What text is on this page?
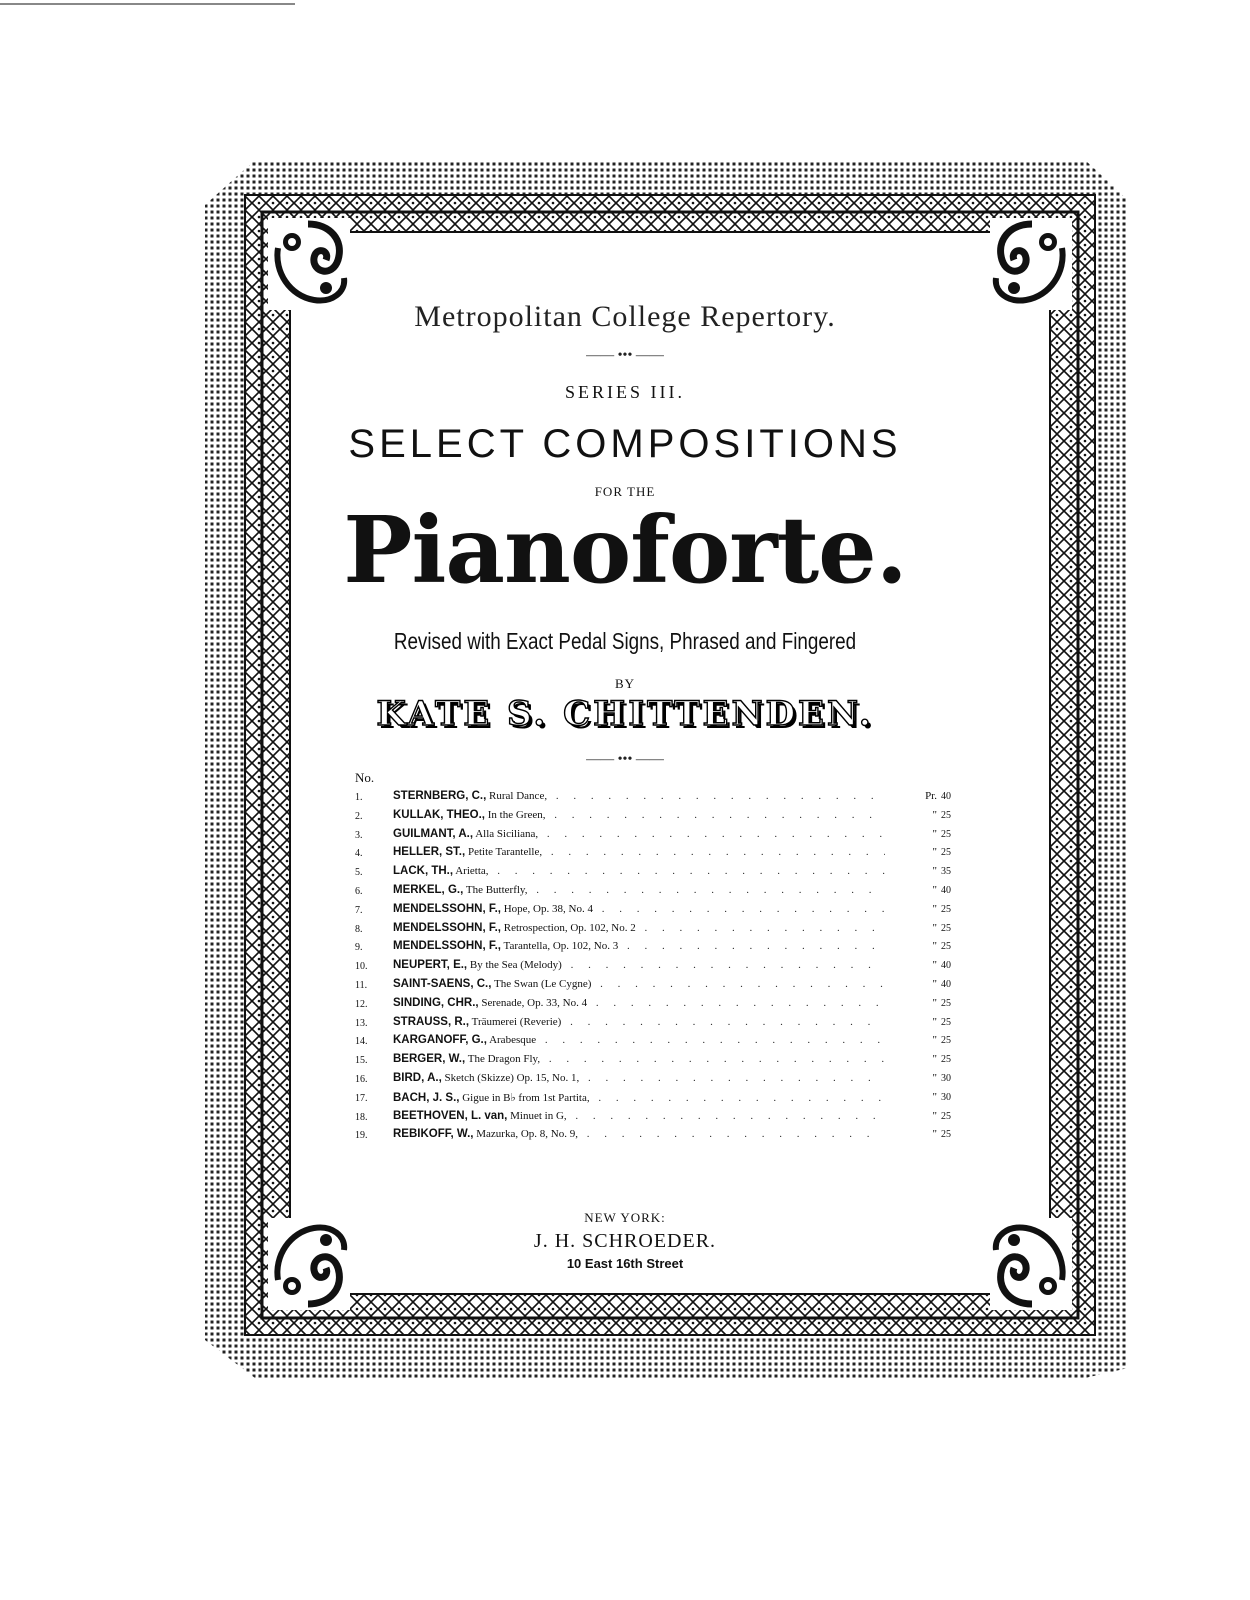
Metropolitan College Repertory.
—— ••• ——
SERIES III.
SELECT COMPOSITIONS
FOR THE
Pianoforte.
Revised with Exact Pedal Signs, Phrased and Fingered
BY
KATE S. CHITTENDEN.
—— ••• ——
No.
1.	STERNBERG, C., Rural Dance, . .	Pr. 40
2.	KULLAK, THEO., In the Green, . .	" 25
3.	GUILMANT, A., Alla Siciliana, . .	" 25
4.	HELLER, ST., Petite Tarantelle, . .	" 25
5.	LACK, TH., Arietta, . .	" 35
6.	MERKEL, G., The Butterfly, . .	" 40
7.	MENDELSSOHN, F., Hope, Op. 38, No. 4 . .	" 25
8.	MENDELSSOHN, F., Retrospection, Op. 102, No. 2 . .	" 25
9.	MENDELSSOHN, F., Tarantella, Op. 102, No. 3 . .	" 25
10.	NEUPERT, E., By the Sea (Melody) . .	" 40
11.	SAINT-SAËNS, C., The Swan (Le Cygne) . .	" 40
12.	SINDING, CHR., Serenade, Op. 33, No. 4 . .	" 25
13.	STRAUSS, R., Träumerei (Reverie) . .	" 25
14.	KARGANOFF, G., Arabesque . .	" 25
15.	BERGER, W., The Dragon Fly, . .	" 25
16.	BIRD, A., Sketch (Skizze) Op. 15, No. 1, . .	" 30
17.	BACH, J. S., Gigue in B♭ from 1st Partita, . .	" 30
18.	BEETHOVEN, L. van, Minuet in G, . .	" 25
19.	REBIKOFF, W., Mazurka, Op. 8, No. 9, . .	" 25
NEW YORK:
J. H. SCHROEDER.
10 East 16th Street
